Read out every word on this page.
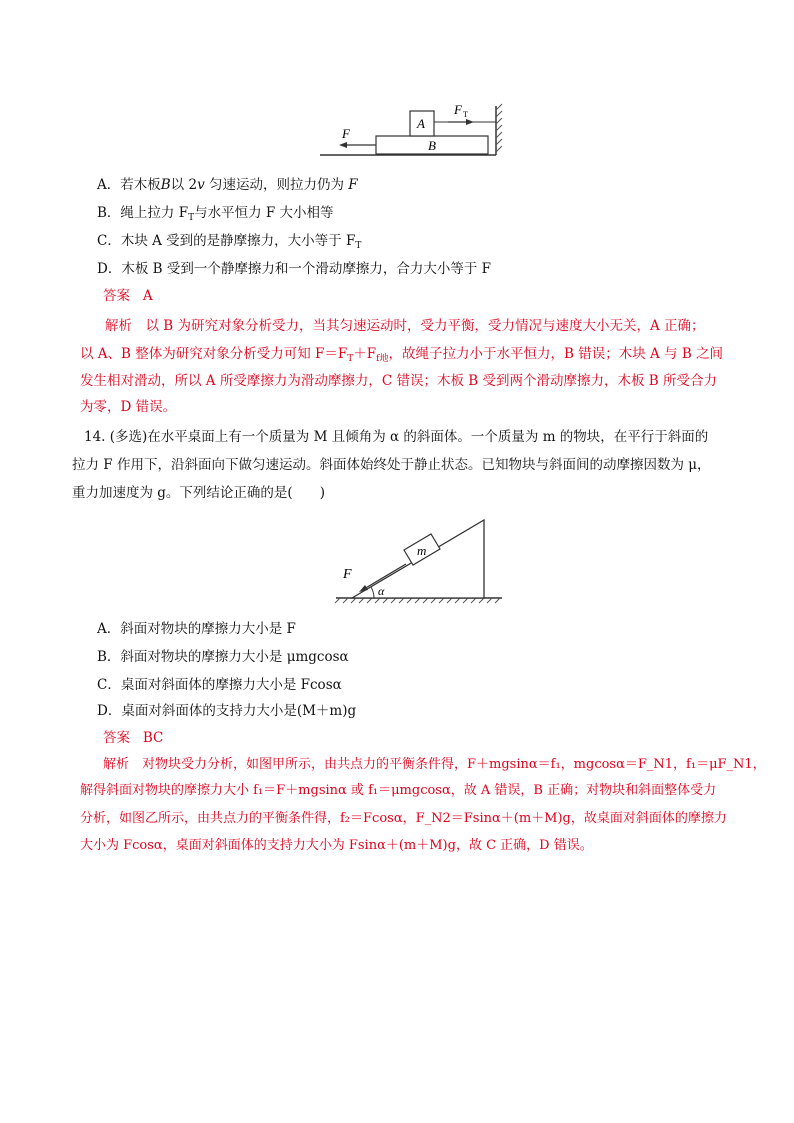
A
B
F
F T
A．若木板B以 2v 匀速运动，则拉力仍为 F
B．绳上拉力 $F_T$与水平恒力 F 大小相等
C．木块 A 受到的是静摩擦力，大小等于 $F_T$
D．木板 B 受到一个静摩擦力和一个滑动摩擦力，合力大小等于 F
答案 A
解析　以 B 为研究对象分析受力，当其匀速运动时，受力平衡，受力情况与速度大小无关，A 正确；
以 A、B 整体为研究对象分析受力可知 $F=F_T+F_{f地}$，故绳子拉力小于水平恒力，B 错误；木块 A 与 B 之间
发生相对滑动，所以 A 所受摩擦力为滑动摩擦力，C 错误；木板 B 受到两个滑动摩擦力，木板 B 所受合力
为零，D 错误。
14. (多选)在水平桌面上有一个质量为 M 且倾角为 α 的斜面体。一个质量为 m 的物块，在平行于斜面的
拉力 F 作用下，沿斜面向下做匀速运动。斜面体始终处于静止状态。已知物块与斜面间的动摩擦因数为 μ，
重力加速度为 g。下列结论正确的是(　　)
m
F
α
A．斜面对物块的摩擦力大小是 F
B．斜面对物块的摩擦力大小是 μmgcosα
C．桌面对斜面体的摩擦力大小是 Fcosα
D．桌面对斜面体的支持力大小是(M＋m)g
答案 BC
解析　对物块受力分析，如图甲所示，由共点力的平衡条件得，F＋mgsinα＝f₁，mgcosα＝F_N1，f₁＝μF_N1，
解得斜面对物块的摩擦力大小 f₁＝F＋mgsinα 或 f₁＝μmgcosα，故 A 错误，B 正确；对物块和斜面整体受力
分析，如图乙所示，由共点力的平衡条件得，f₂＝Fcosα，F_N2＝Fsinα＋(m＋M)g，故桌面对斜面体的摩擦力
大小为 Fcosα，桌面对斜面体的支持力大小为 Fsinα＋(m＋M)g，故 C 正确，D 错误。
